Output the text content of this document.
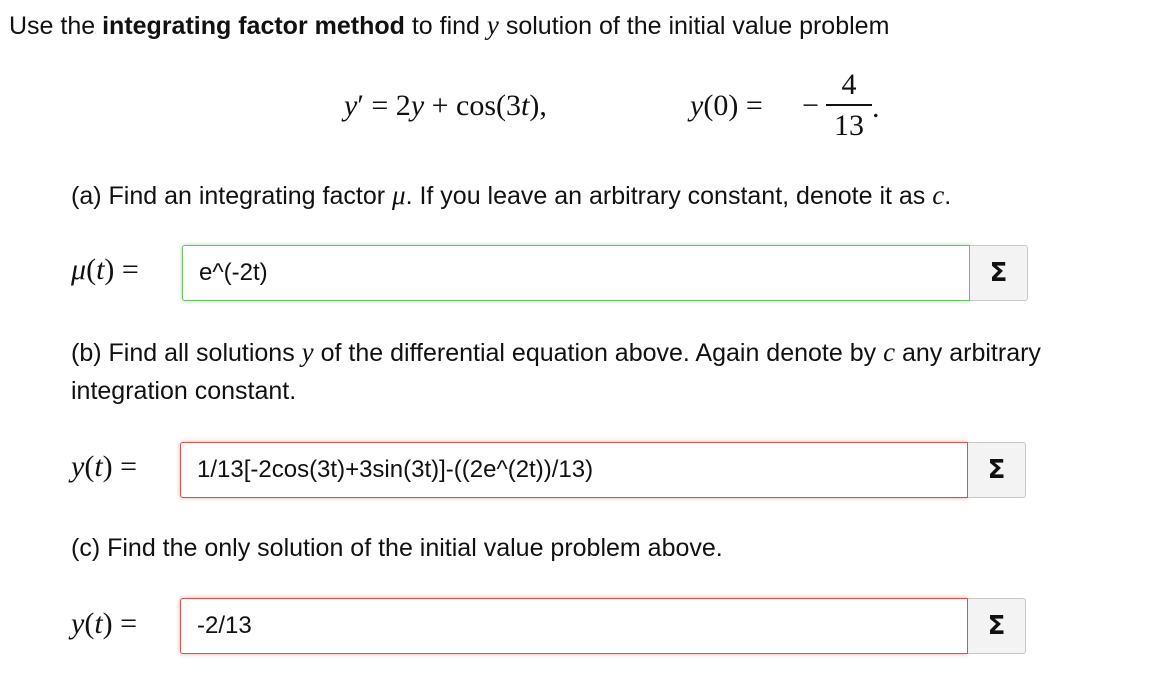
Use the integrating factor method to find y solution of the initial value problem
y′ = 2y + cos(3t),	y(0) = −
4
13
.
(a) Find an integrating factor μ. If you leave an arbitrary constant, denote it as c.
μ(t) =	e^(-2t)	Σ
(b) Find all solutions y of the differential equation above. Again denote by c any arbitrary
integration constant.
y(t) =	1/13[-2cos(3t)+3sin(3t)]-((2e^(2t))/13)	Σ
(c) Find the only solution of the initial value problem above.
y(t) =	-2/13	Σ
